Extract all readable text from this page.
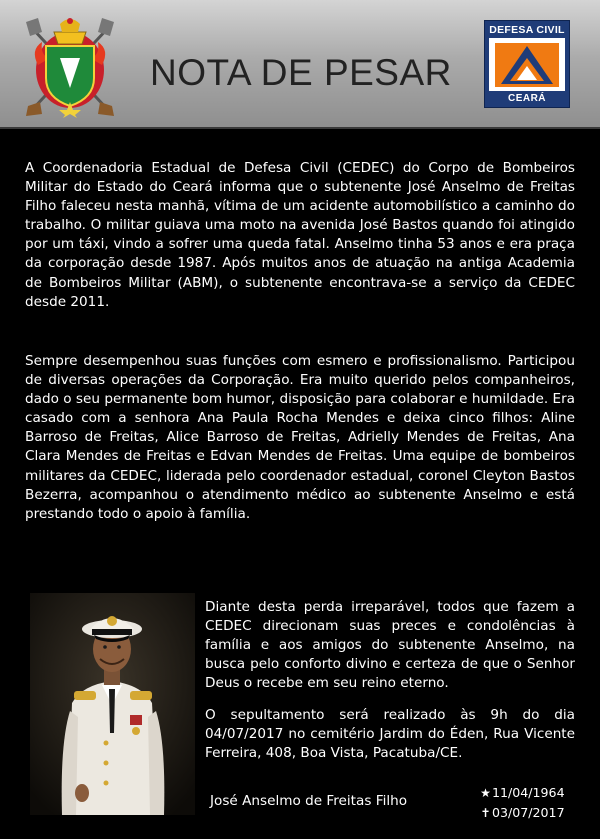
NOTA DE PESAR
DEFESA CIVIL
CEARÁ

A Coordenadoria Estadual de Defesa Civil (CEDEC) do Corpo de Bombeiros Militar do Estado do Ceará informa que o subtenente José Anselmo de Freitas Filho faleceu nesta manhã, vítima de um acidente automobilístico a caminho do trabalho. O militar guiava uma moto na avenida José Bastos quando foi atingido por um táxi, vindo a sofrer uma queda fatal. Anselmo tinha 53 anos e era praça da corporação desde 1987. Após muitos anos de atuação na antiga Academia de Bombeiros Militar (ABM), o subtenente encontrava-se a serviço da CEDEC desde 2011.

Sempre desempenhou suas funções com esmero e profissionalismo. Participou de diversas operações da Corporação. Era muito querido pelos companheiros, dado o seu permanente bom humor, disposição para colaborar e humildade. Era casado com a senhora Ana Paula Rocha Mendes e deixa cinco filhos: Aline Barroso de Freitas, Alice Barroso de Freitas, Adrielly Mendes de Freitas, Ana Clara Mendes de Freitas e Edvan Mendes de Freitas. Uma equipe de bombeiros militares da CEDEC, liderada pelo coordenador estadual, coronel Cleyton Bastos Bezerra, acompanhou o atendimento médico ao subtenente Anselmo e está prestando todo o apoio à família.

Diante desta perda irreparável, todos que fazem a CEDEC direcionam suas preces e condolências à família e aos amigos do subtenente Anselmo, na busca pelo conforto divino e certeza de que o Senhor Deus o recebe em seu reino eterno.

O sepultamento será realizado às 9h do dia 04/07/2017 no cemitério Jardim do Éden, Rua Vicente Ferreira, 408, Boa Vista, Pacatuba/CE.

José Anselmo de Freitas Filho	★11/04/1964
✝03/07/2017
